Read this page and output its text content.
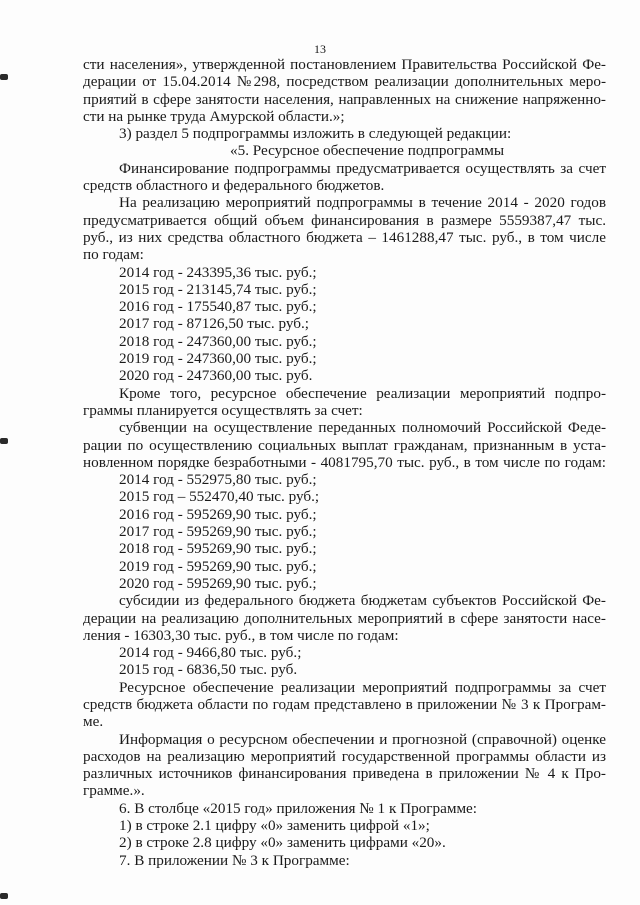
13
сти населения», утвержденной постановлением Правительства Российской Фе-
дерации от 15.04.2014 №298, посредством реализации дополнительных меро-
приятий в сфере занятости населения, направленных на снижение напряженно-
сти на рынке труда Амурской области.»;
3) раздел 5 подпрограммы изложить в следующей редакции:
«5. Ресурсное обеспечение подпрограммы
Финансирование подпрограммы предусматривается осуществлять за счет
средств областного и федерального бюджетов.
На реализацию мероприятий подпрограммы в течение 2014 - 2020 годов
предусматривается общий объем финансирования в размере 5559387,47 тыс.
руб., из них средства областного бюджета – 1461288,47 тыс. руб., в том числе
по годам:
2014 год - 243395,36 тыс. руб.;
2015 год - 213145,74 тыс. руб.;
2016 год - 175540,87 тыс. руб.;
2017 год - 87126,50 тыс. руб.;
2018 год - 247360,00 тыс. руб.;
2019 год - 247360,00 тыс. руб.;
2020 год - 247360,00 тыс. руб.
Кроме того, ресурсное обеспечение реализации мероприятий подпро-
граммы планируется осуществлять за счет:
субвенции на осуществление переданных полномочий Российской Феде-
рации по осуществлению социальных выплат гражданам, признанным в уста-
новленном порядке безработными - 4081795,70 тыс. руб., в том числе по годам:
2014 год - 552975,80 тыс. руб.;
2015 год – 552470,40 тыс. руб.;
2016 год - 595269,90 тыс. руб.;
2017 год - 595269,90 тыс. руб.;
2018 год - 595269,90 тыс. руб.;
2019 год - 595269,90 тыс. руб.;
2020 год - 595269,90 тыс. руб.;
субсидии из федерального бюджета бюджетам субъектов Российской Фе-
дерации на реализацию дополнительных мероприятий в сфере занятости насе-
ления - 16303,30 тыс. руб., в том числе по годам:
2014 год - 9466,80 тыс. руб.;
2015 год - 6836,50 тыс. руб.
Ресурсное обеспечение реализации мероприятий подпрограммы за счет
средств бюджета области по годам представлено в приложении № 3 к Програм-
ме.
Информация о ресурсном обеспечении и прогнозной (справочной) оценке
расходов на реализацию мероприятий государственной программы области из
различных источников финансирования приведена в приложении № 4 к Про-
грамме.».
6. В столбце «2015 год» приложения № 1 к Программе:
1) в строке 2.1 цифру «0» заменить цифрой «1»;
2) в строке 2.8 цифру «0» заменить цифрами «20».
7. В приложении № 3 к Программе:
